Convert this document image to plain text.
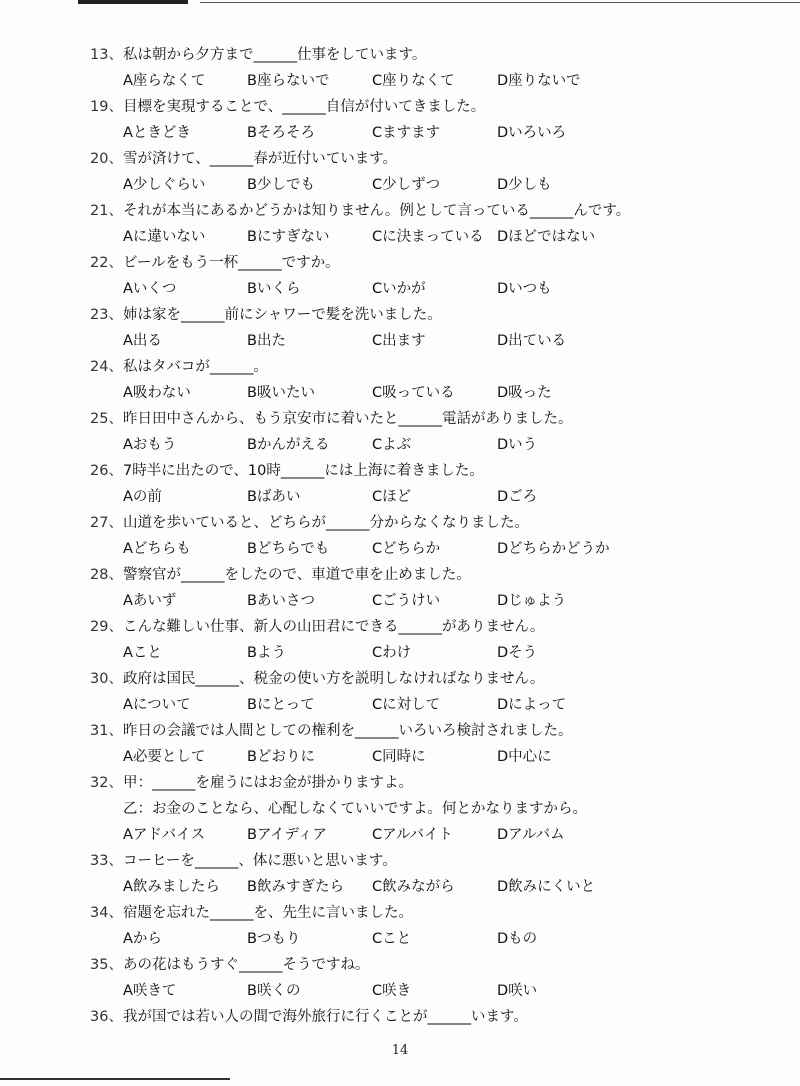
13、 私は朝から夕方まで______仕事をしています。
A座らなくて	B座らないで	C座りなくて	D座りないで
19、 目標を実現することで、______自信が付いてきました。
Aときどき	Bそろそろ	Cますます	Dいろいろ
20、 雪が済けて、______春が近付いています。
A少しぐらい	B少しでも	C少しずつ	D少しも
21、 それが本当にあるかどうかは知りません。例として言っている______んです。
Aに違いない	Bにすぎない	Cに決まっている Dほどではない
22、 ビールをもう一杯______ですか。
Aいくつ	Bいくら	Cいかが	Dいつも
23、 姉は家を______前にシャワーで髪を洗いました。
A出る	B出た	C出ます	D出ている
24、 私はタバコが______。
A吸わない	B吸いたい	C吸っている	D吸った
25、 昨日田中さんから、もう京安市に着いたと______電話がありました。
Aおもう	Bかんがえる	Cよぶ	Dいう
26、 7時半に出たので、10時______には上海に着きました。
Aの前	Bばあい	Cほど	Dごろ
27、 山道を歩いていると、どちらが______分からなくなりました。
Aどちらも	Bどちらでも	Cどちらか	Dどちらかどうか
28、 警察官が______をしたので、車道で車を止めました。
Aあいず	Bあいさつ	Cごうけい	Dじゅよう
29、 こんな難しい仕事、新人の山田君にできる______がありません。
Aこと	Bよう	Cわけ	Dそう
30、 政府は国民______、税金の使い方を説明しなければなりません。
Aについて	Bにとって	Cに対して	Dによって
31、 昨日の会議では人間としての権利を______いろいろ検討されました。
A必要として	Bどおりに	C同時に	D中心に
32、 甲：______を雇うにはお金が掛かりますよ。
乙：お金のことなら、心配しなくていいですよ。何とかなりますから。
Aアドバイス	Bアイディア	Cアルバイト	Dアルバム
33、 コーヒーを______、体に悪いと思います。
A飲みましたら B飲みすぎたら C飲みながら	D飲みにくいと
34、 宿題を忘れた______を、先生に言いました。
Aから	Bつもり	Cこと	Dもの
35、 あの花はもうすぐ______そうですね。
A咲きて	B咲くの	C咲き	D咲い
36、 我が国では若い人の間で海外旅行に行くことが______います。
14
